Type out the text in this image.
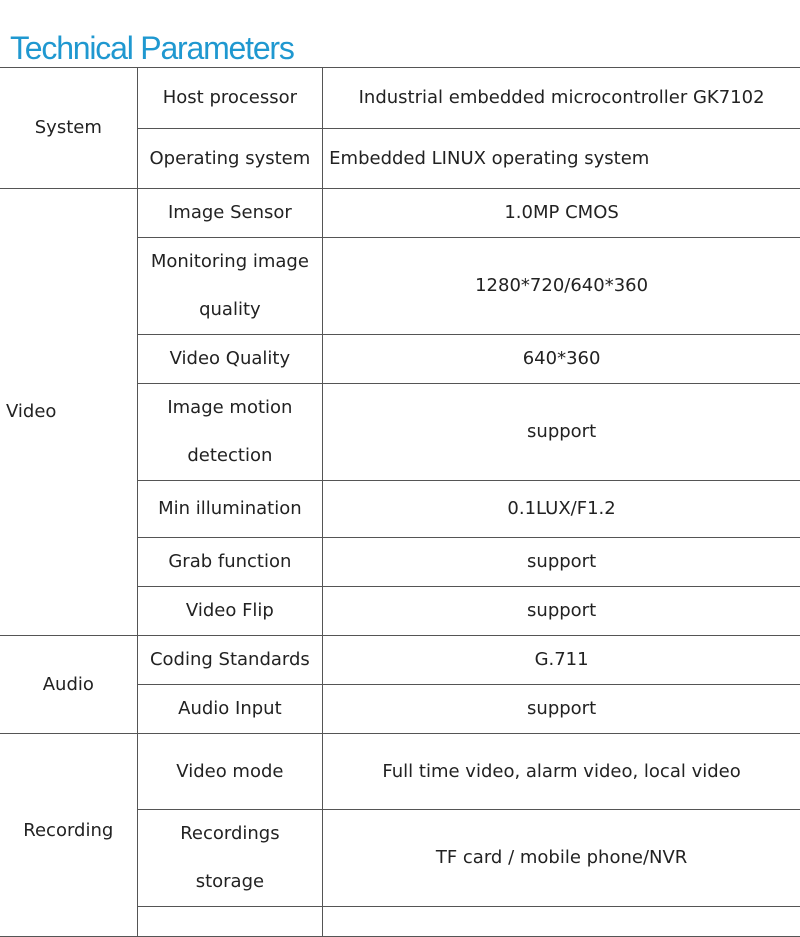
Technical Parameters
System	Host processor	Industrial embedded microcontroller GK7102
	Operating system	Embedded LINUX operating system
Video	Image Sensor	1.0MP CMOS
	Monitoring image quality	1280*720/640*360
	Video Quality	640*360
	Image motion detection	support
	Min illumination	0.1LUX/F1.2
	Grab function	support
	Video Flip	support
Audio	Coding Standards	G.711
	Audio Input	support
Recording	Video mode	Full time video, alarm video, local video
	Recordings storage	TF card / mobile phone/NVR
